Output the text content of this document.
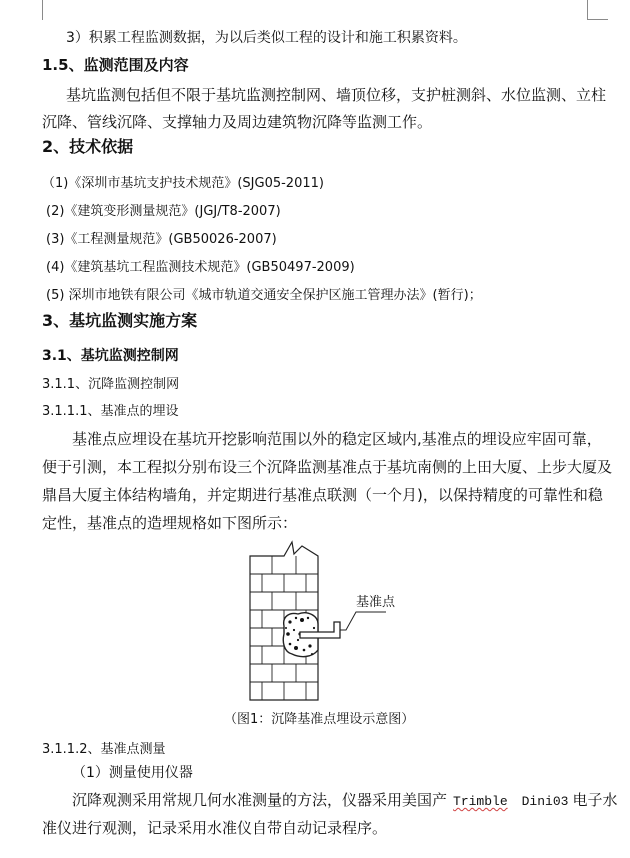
3）积累工程监测数据，为以后类似工程的设计和施工积累资料。
1.5、监测范围及内容
基坑监测包括但不限于基坑监测控制网、墙顶位移，支护桩测斜、水位监测、立柱
沉降、管线沉降、支撑轴力及周边建筑物沉降等监测工作。
2、技术依据
（1)《深圳市基坑支护技术规范》(SJG05-2011)
(2)《建筑变形测量规范》(JGJ/T8-2007)
(3)《工程测量规范》(GB50026-2007)
(4)《建筑基坑工程监测技术规范》(GB50497-2009)
(5) 深圳市地铁有限公司《城市轨道交通安全保护区施工管理办法》(暂行)；
3、基坑监测实施方案
3.1、基坑监测控制网
3.1.1、沉降监测控制网
3.1.1.1、基准点的埋设
基准点应埋设在基坑开挖影响范围以外的稳定区域内,基准点的埋设应牢固可靠，
便于引测，本工程拟分别布设三个沉降监测基准点于基坑南侧的上田大厦、上步大厦及
鼎昌大厦主体结构墙角，并定期进行基准点联测（一个月)，以保持精度的可靠性和稳
定性，基准点的造埋规格如下图所示：
基准点
（图1：沉降基准点埋设示意图）
3.1.1.2、基准点测量
（1）测量使用仪器
沉降观测采用常规几何水准测量的方法，仪器采用美国产 Trimble Dini03 电子水
准仪进行观测，记录采用水准仪自带自动记录程序。
